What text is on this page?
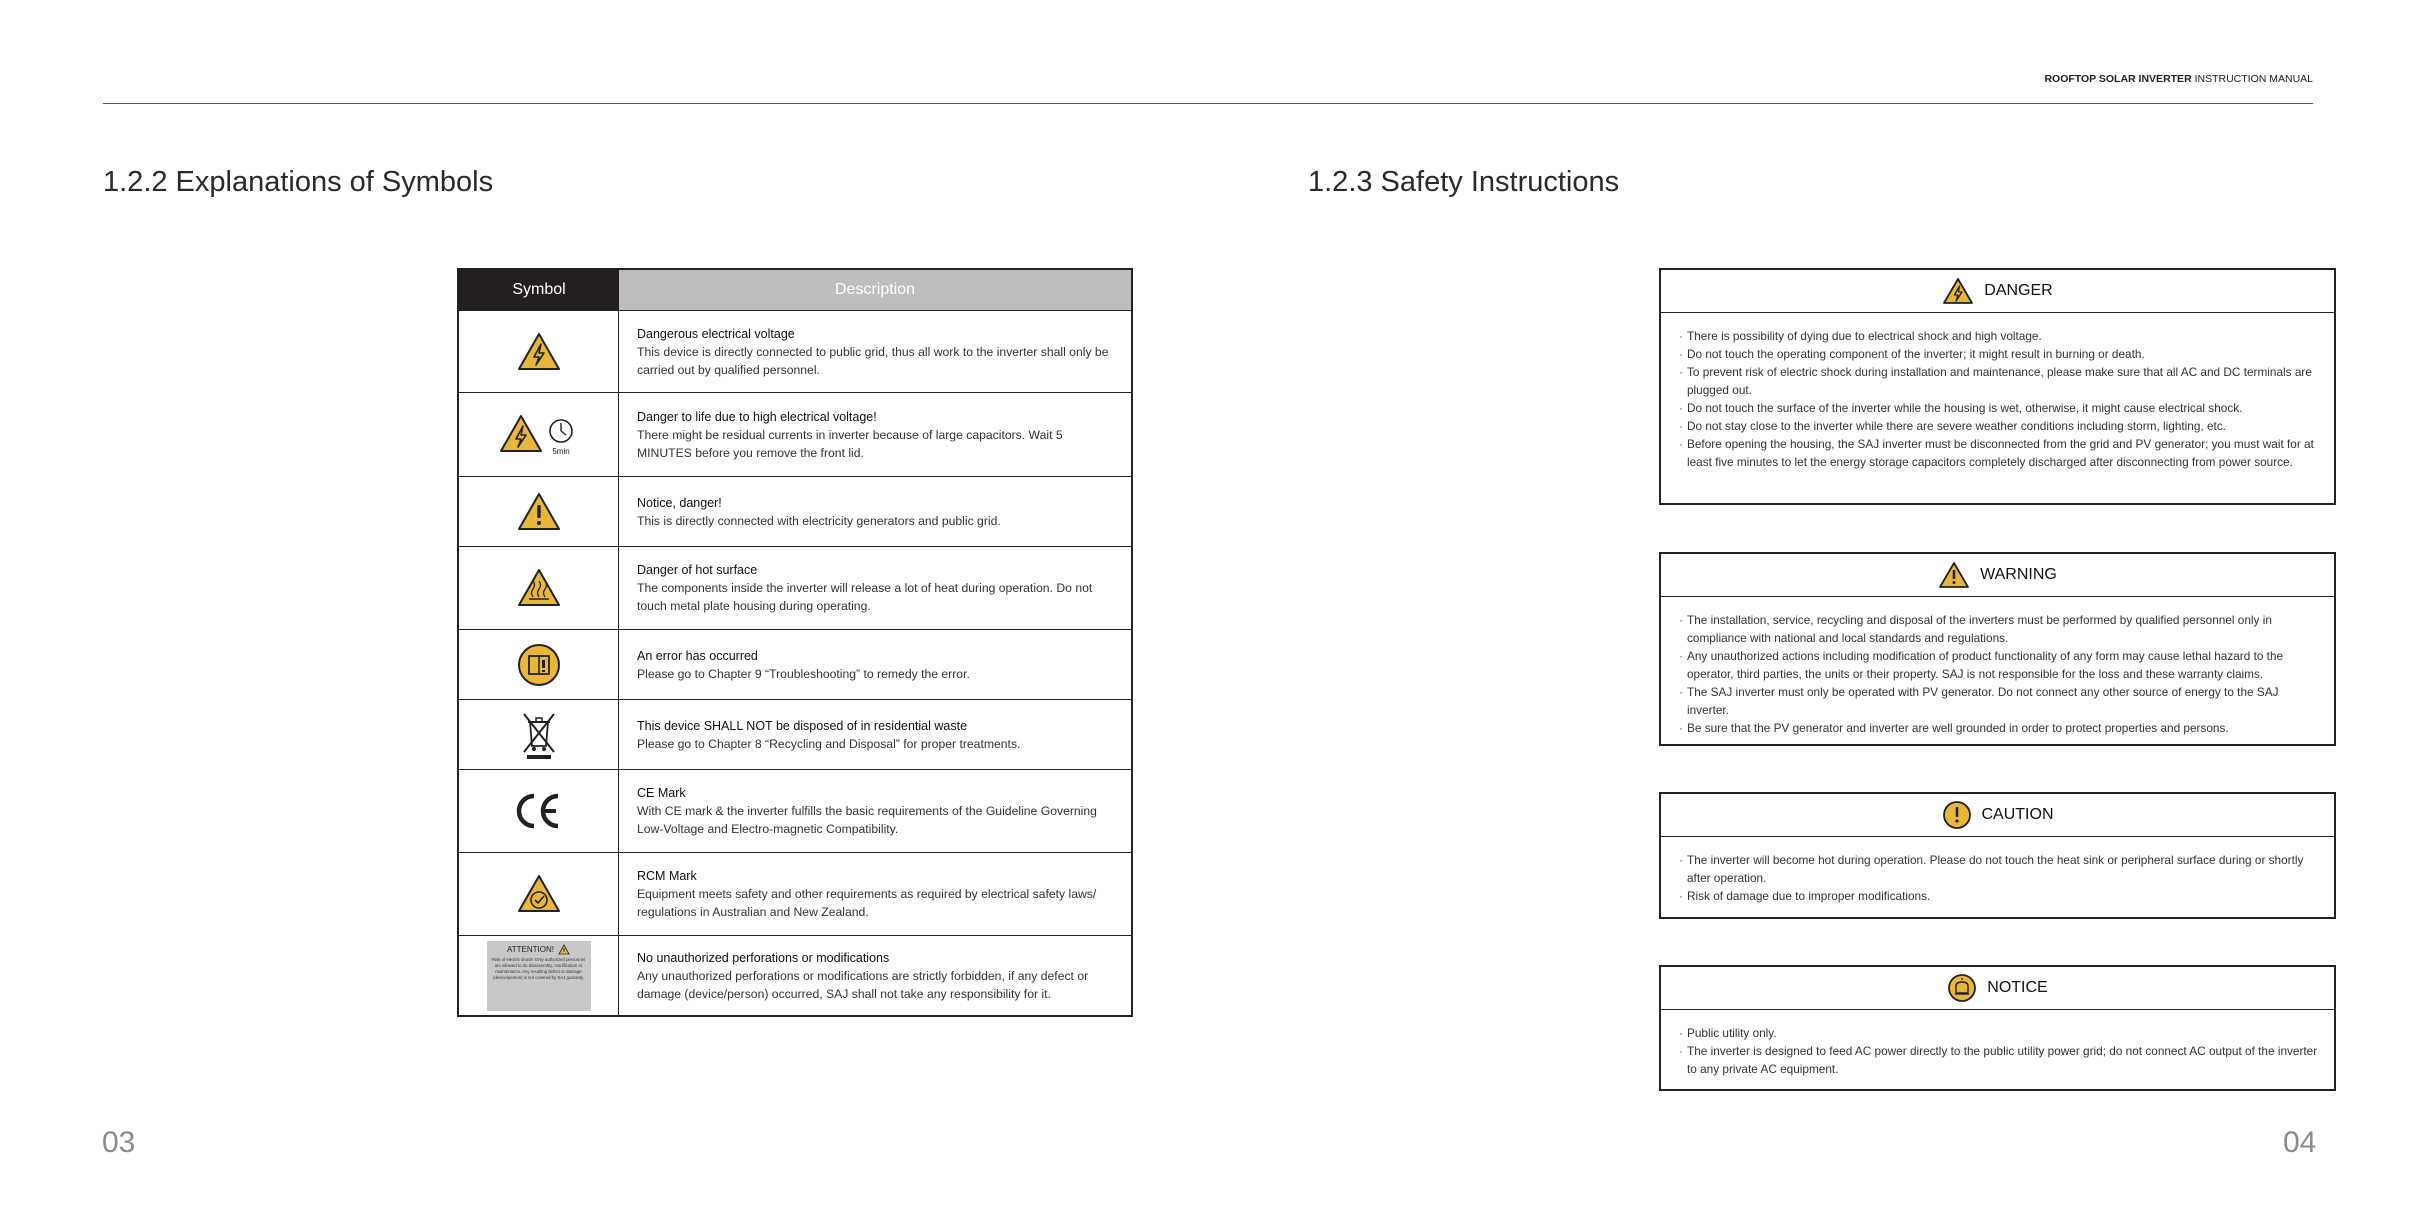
ROOFTOP SOLAR INVERTER INSTRUCTION MANUAL
1.2.2 Explanations of Symbols
Symbol	Description
Dangerous electrical voltage
This device is directly connected to public grid, thus all work to the inverter shall only be carried out by qualified personnel.
5min
Danger to life due to high electrical voltage!
There might be residual currents in inverter because of large capacitors. Wait 5 MINUTES before you remove the front lid.
Notice, danger!
This is directly connected with electricity generators and public grid.
Danger of hot surface
The components inside the inverter will release a lot of heat during operation. Do not touch metal plate housing during operating.
An error has occurred
Please go to Chapter 9 “Troubleshooting” to remedy the error.
This device SHALL NOT be disposed of in residential waste
Please go to Chapter 8 “Recycling and Disposal” for proper treatments.
CE Mark
With CE mark & the inverter fulfills the basic requirements of the Guideline Governing Low-Voltage and Electro-magnetic Compatibility.
RCM Mark
Equipment meets safety and other requirements as required by electrical safety laws/ regulations in Australian and New Zealand.
ATTENTION!
Risk of electric shock! Only authorized personnel are allowed to do disassembly, modification or maintenance. Any resulting defect or damage (device/person) is not covered by SAJ guaranty.
No unauthorized perforations or modifications
Any unauthorized perforations or modifications are strictly forbidden, if any defect or damage (device/person) occurred, SAJ shall not take any responsibility for it.
03
1.2.3 Safety Instructions
DANGER
· There is possibility of dying due to electrical shock and high voltage.
· Do not touch the operating component of the inverter; it might result in burning or death.
· To prevent risk of electric shock during installation and maintenance, please make sure that all AC and DC terminals are plugged out.
· Do not touch the surface of the inverter while the housing is wet, otherwise, it might cause electrical shock.
· Do not stay close to the inverter while there are severe weather conditions including storm, lighting, etc.
· Before opening the housing, the SAJ inverter must be disconnected from the grid and PV generator; you must wait for at least five minutes to let the energy storage capacitors completely discharged after disconnecting from power source.
WARNING
· The installation, service, recycling and disposal of the inverters must be performed by qualified personnel only in compliance with national and local standards and regulations.
· Any unauthorized actions including modification of product functionality of any form may cause lethal hazard to the operator, third parties, the units or their property. SAJ is not responsible for the loss and these warranty claims.
· The SAJ inverter must only be operated with PV generator. Do not connect any other source of energy to the SAJ inverter.
· Be sure that the PV generator and inverter are well grounded in order to protect properties and persons.
CAUTION
· The inverter will become hot during operation. Please do not touch the heat sink or peripheral surface during or shortly after operation.
· Risk of damage due to improper modifications.
NOTICE
· Public utility only.
· The inverter is designed to feed AC power directly to the public utility power grid; do not connect AC output of the inverter to any private AC equipment.
04
